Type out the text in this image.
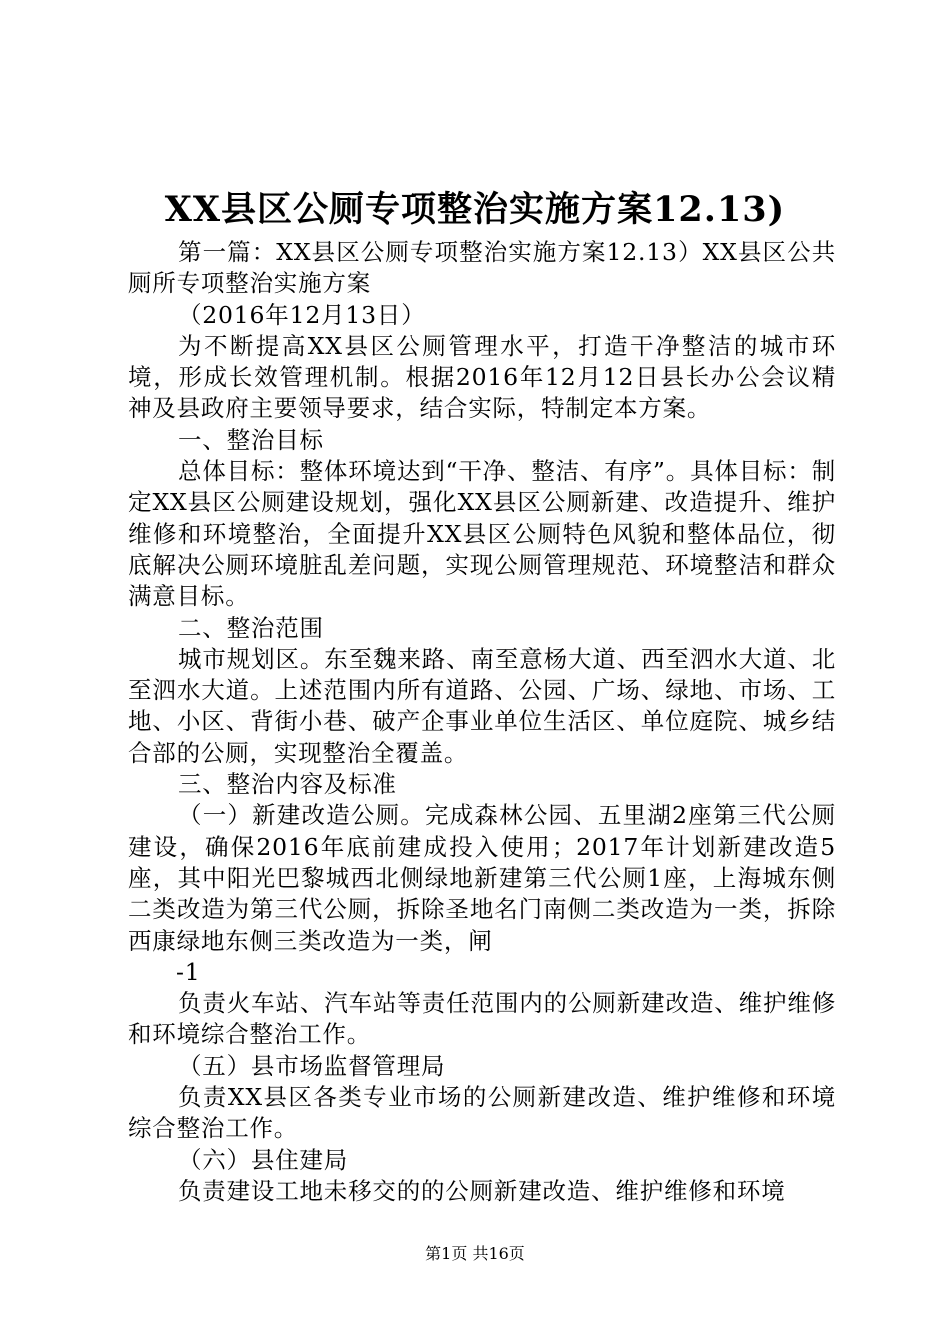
XX县区公厕专项整治实施方案12.13)

第一篇：XX县区公厕专项整治实施方案12.13）XX县区公共厕所专项整治实施方案

（2016年12月13日）

为不断提高XX县区公厕管理水平，打造干净整洁的城市环境，形成长效管理机制。根据2016年12月12日县长办公会议精神及县政府主要领导要求，结合实际，特制定本方案。

一、整治目标

总体目标：整体环境达到“干净、整洁、有序”。具体目标：制定XX县区公厕建设规划，强化XX县区公厕新建、改造提升、维护维修和环境整治，全面提升XX县区公厕特色风貌和整体品位，彻底解决公厕环境脏乱差问题，实现公厕管理规范、环境整洁和群众满意目标。

二、整治范围

城市规划区。东至魏来路、南至意杨大道、西至泗水大道、北至泗水大道。上述范围内所有道路、公园、广场、绿地、市场、工地、小区、背街小巷、破产企事业单位生活区、单位庭院、城乡结合部的公厕，实现整治全覆盖。

三、整治内容及标准

（一）新建改造公厕。完成森林公园、五里湖2座第三代公厕建设，确保2016年底前建成投入使用；2017年计划新建改造5座，其中阳光巴黎城西北侧绿地新建第三代公厕1座，上海城东侧二类改造为第三代公厕，拆除圣地名门南侧二类改造为一类，拆除西康绿地东侧三类改造为一类，闸

-1

负责火车站、汽车站等责任范围内的公厕新建改造、维护维修和环境综合整治工作。

（五）县市场监督管理局

负责XX县区各类专业市场的公厕新建改造、维护维修和环境综合整治工作。

（六）县住建局

负责建设工地未移交的的公厕新建改造、维护维修和环境

第1页 共16页
